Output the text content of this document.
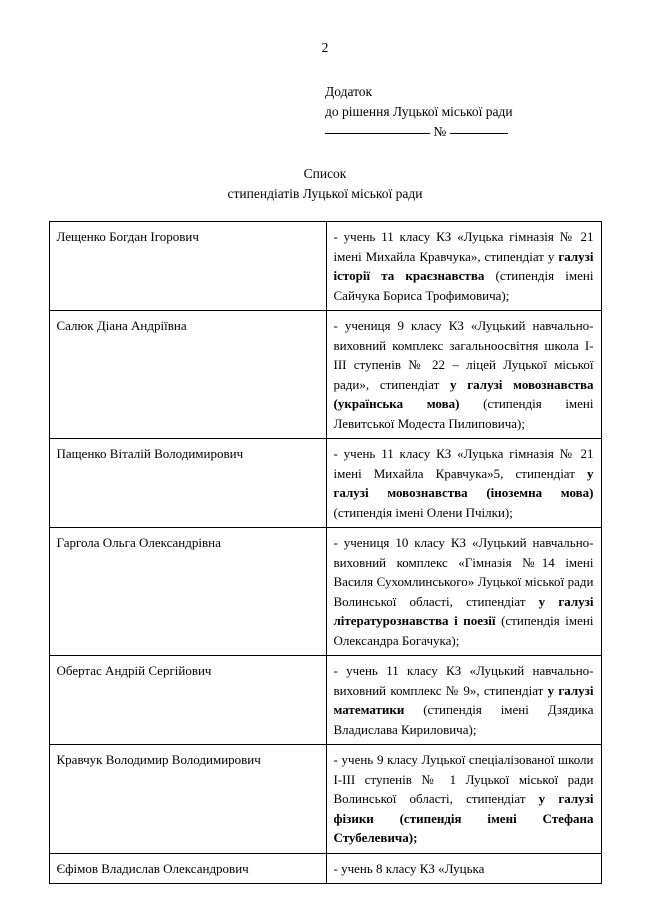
2
Додаток
до рішення Луцької міської ради
№
Список
стипендіатів Луцької міської ради
Лещенко Богдан Ігорович	- учень 11 класу КЗ «Луцька гімназія № 21 імені Михайла Кравчука», стипендіат у галузі історії та краєзнавства (стипендія імені Сайчука Бориса Трофимовича);

Салюк Діана Андріївна	- учениця 9 класу КЗ «Луцький навчально-виховний комплекс загальноосвітня школа I-III ступенів № 22 – ліцей Луцької міської ради», стипендіат у галузі мовознавства (українська мова) (стипендія імені Левитської Модеста Пилиповича);

Пащенко Віталій Володимирович	- учень 11 класу КЗ «Луцька гімназія № 21 імені Михайла Кравчука»5, стипендіат у галузі мовознавства (іноземна мова) (стипендія імені Олени Пчілки);

Гаргола Ольга Олександрівна	- учениця 10 класу КЗ «Луцький навчально-виховний комплекс «Гімназія №14 імені Василя Сухомлинського» Луцької міської ради Волинської області, стипендіат у галузі літературознавства і поезії (стипендія імені Олександра Богачука);

Обертас Андрій Сергійович	- учень 11 класу КЗ «Луцький навчально-виховний комплекс № 9», стипендіат у галузі математики (стипендія імені Дзядика Владислава Кириловича);

Кравчук Володимир Володимирович	- учень 9 класу Луцької спеціалізованої школи I-III ступенів № 1 Луцької міської ради Волинської області, стипендіат у галузі фізики (стипендія імені Стефана Стубелевича);

Єфімов Владислав Олександрович	- учень 8 класу КЗ «Луцька
